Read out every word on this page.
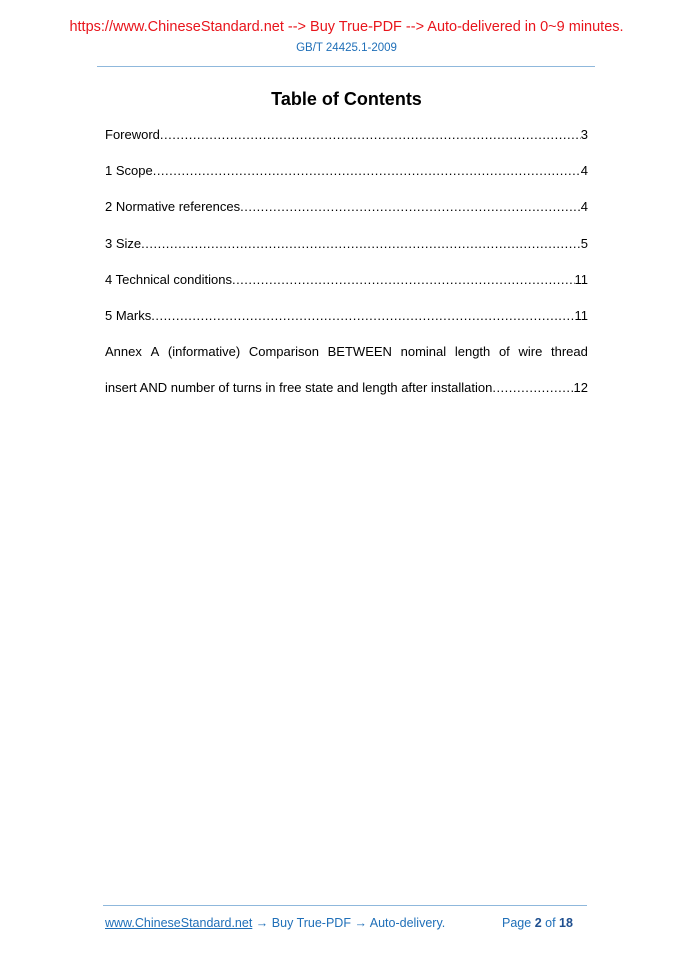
https://www.ChineseStandard.net --> Buy True-PDF --> Auto-delivered in 0~9 minutes.
GB/T 24425.1-2009
Table of Contents
Foreword .....	3
1 Scope .....	4
2 Normative references .....	4
3 Size .....	5
4 Technical conditions .....	11
5 Marks .....	11
Annex A (informative) Comparison BETWEEN nominal length of wire thread
insert AND number of turns in free state and length after installation .....	12
www.ChineseStandard.net → Buy True-PDF → Auto-delivery.	Page 2 of 18
